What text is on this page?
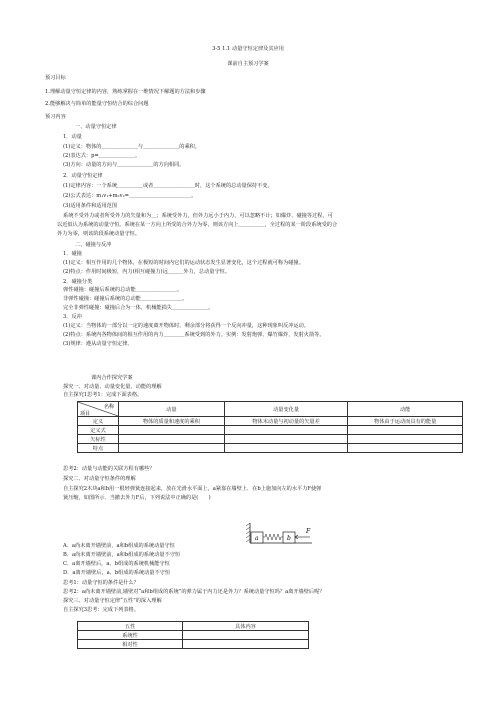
3-5 1.1 动量守恒定律及其应用
课前自主预习学案
预习目标
1.理解动量守恒定律的内容，熟练掌握在一维情况下解题的方法和步骤
2.能够解决与简单的能量守恒结合的综合问题
预习内容
一、动量守恒定律
1．动量
(1)定义：物体的＿＿＿＿＿＿＿与＿＿＿＿＿＿＿的乘积。
(2)表达式：p=＿＿＿＿＿＿＿。
(3)方向：动量的方向与＿＿＿＿＿＿＿的方向相同。
2．动量守恒定律
(1)定律内容：一个系统＿＿＿＿＿或者＿＿＿＿＿＿＿＿时，这个系统的总动量保持不变。
(2)公式表达：m₁v₁+m₂v₂=＿＿＿＿＿＿＿＿＿＿＿＿。
(3)适用条件和适用范围
系统不受外力或者所受外力的矢量和为＿；系统受外力，但外力远小于内力，可以忽略不计；如爆炸、碰撞等过程，可
以近似认为系统的动量守恒。系统在某一方向上所受的合外力为零，则该方向上＿＿＿＿＿，全过程的某一阶段系统受的合
外力为零，则该阶段系统动量守恒。
二、碰撞与反冲
1．碰撞
(1)定义：相互作用的几个物体，在极短的时间内它们的运动状态发生显著变化，这个过程就可称为碰撞。
(2)特点：作用时间极短，内力(相互碰撞力)远＿＿＿外力，总动量守恒。
2．碰撞分类
弹性碰撞：碰撞后系统的总动能＿＿＿＿＿＿＿＿。
非弹性碰撞：碰撞后系统的总动能＿＿＿＿＿＿＿＿。
完全非弹性碰撞：碰撞后合为一体，机械能损失＿＿＿＿＿＿＿。
3．反冲
(1)定义：当物体的一部分以一定的速度离开物体时，剩余部分将获得一个反向冲量，这种现象叫反冲运动。
(2)特点：系统内各物体间的相互作用的内力＿＿＿＿系统受到的外力。实例：发射炮弹、爆竹爆炸，发射火箭等。
(3)规律：遵从动量守恒定律。
课内合作探究学案
探究一、对动量、动量变化量、动能的理解
自主探究1思考1：完成下面表格。
名称
项目	动量	动量变化量	动能
定义	物体的质量和速度的乘积	物体末动量与初动量的矢量差	物体由于运动而具有的能量
定义式			
矢标性			
特点			
思考2：动量与动能的关联方程有哪些？
探究二、对动量守恒条件的理解
自主探究2木块a和b用一根轻弹簧连接起来，放在光滑水平面上，a紧靠在墙壁上．在b上施加向左的水平力F使弹
簧压缩，如图所示．当撤去外力F后，下列说法中正确的是(　　)
a	b
F
A．a尚未离开墙壁前，a和b组成的系统动量守恒
B．a尚未离开墙壁前，a和b组成的系统动量不守恒
C．a离开墙壁后，a、b组成的系统机械能守恒
D．a离开墙壁后，a、b组成的系统动量不守恒
思考1：动量守恒的条件是什么？
思考2：a尚未离开墙壁前,墙壁对“a和b组成的系统”的弹力属于内力还是外力？系统动量守恒吗？a离开墙壁后呢？
探究三、对动量守恒定律“五性”的深入理解
自主探究3思考：完成下列表格。
五性	具体内容
系统性	
相对性	
